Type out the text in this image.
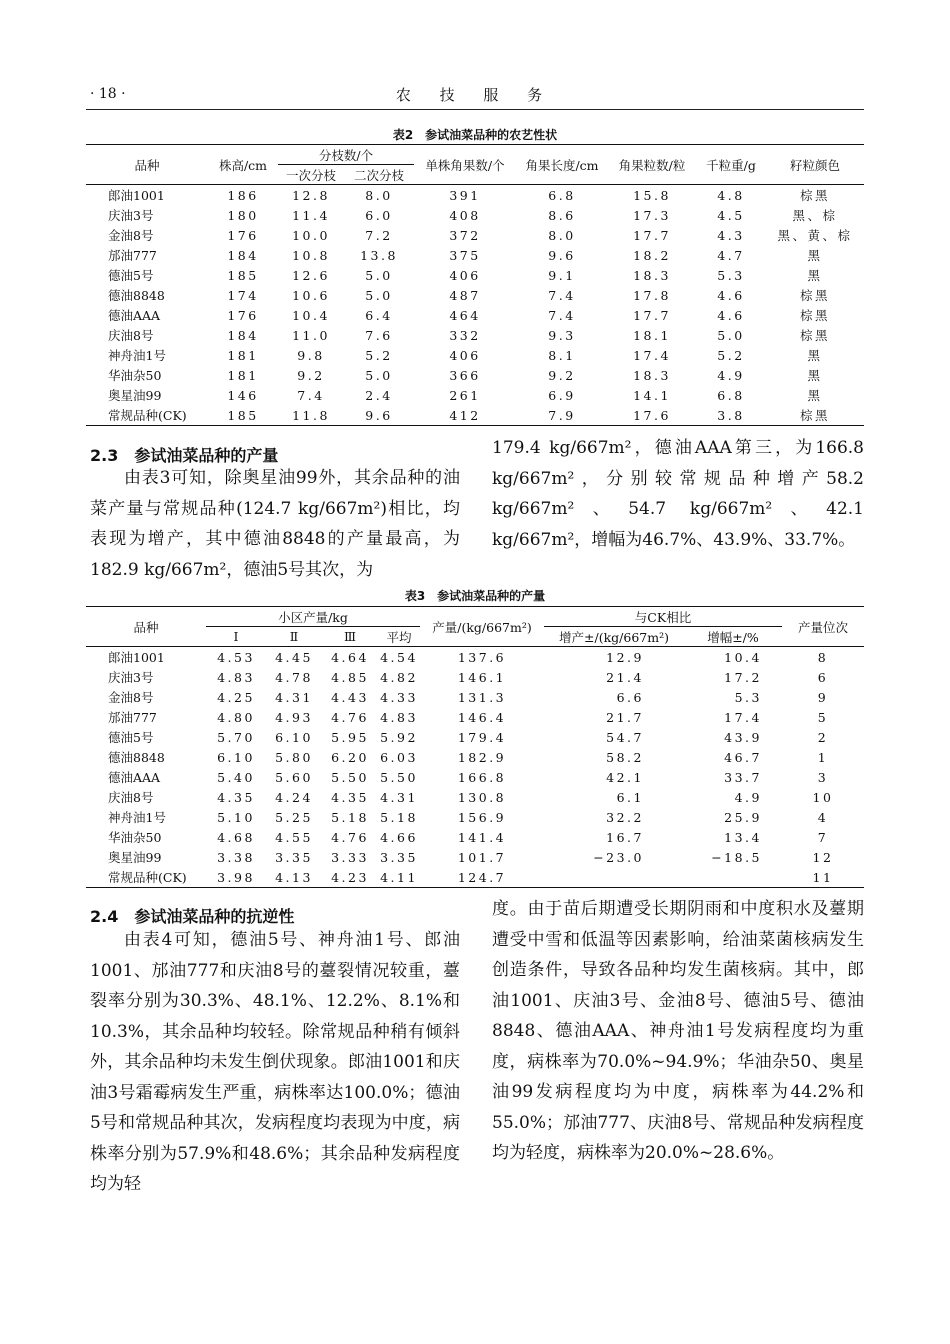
· 18 ·	农 技 服 务
表2　参试油菜品种的农艺性状
品种	株高/cm	分枝数/个		单株角果数/个	角果长度/cm	角果粒数/粒	千粒重/g	籽粒颜色
		一次分枝	二次分枝					
郎油1001	186	12.8	8.0	391	6.8	15.8	4.8	棕黑
庆油3号	180	11.4	6.0	408	8.6	17.3	4.5	黑、棕
金油8号	176	10.0	7.2	372	8.0	17.7	4.3	黑、黄、棕
邡油777	184	10.8	13.8	375	9.6	18.2	4.7	黑
德油5号	185	12.6	5.0	406	9.1	18.3	5.3	黑
德油8848	174	10.6	5.0	487	7.4	17.8	4.6	棕黑
德油AAA	176	10.4	6.4	464	7.4	17.7	4.6	棕黑
庆油8号	184	11.0	7.6	332	9.3	18.1	5.0	棕黑
神舟油1号	181	9.8	5.2	406	8.1	17.4	5.2	黑
华油杂50	181	9.2	5.0	366	9.2	18.3	4.9	黑
奥星油99	146	7.4	2.4	261	6.9	14.1	6.8	黑
常规品种(CK)	185	11.8	9.6	412	7.9	17.6	3.8	棕黑
2.3　参试油菜品种的产量

由表3可知，除奥星油99外，其余品种的油菜产量与常规品种(124.7 kg/667m²)相比，均表现为增产，其中德油8848的产量最高，为182.9 kg/667m²，德油5号其次，为

179.4 kg/667m²，德油AAA第三，为166.8 kg/667m²，分别较常规品种增产58.2 kg/667m²、54.7 kg/667m²、42.1 kg/667m²，增幅为46.7%、43.9%、33.7%。

表3　参试油菜品种的产量
品种	小区产量/kg				产量/(kg/667m²)	与CK相比		产量位次
	Ⅰ	Ⅱ	Ⅲ	平均		增产±/(kg/667m²)	增幅±/%	
郎油1001	4.53	4.45	4.64	4.54	137.6	12.9	10.4	8
庆油3号	4.83	4.78	4.85	4.82	146.1	21.4	17.2	6
金油8号	4.25	4.31	4.43	4.33	131.3	6.6	5.3	9
邡油777	4.80	4.93	4.76	4.83	146.4	21.7	17.4	5
德油5号	5.70	6.10	5.95	5.92	179.4	54.7	43.9	2
德油8848	6.10	5.80	6.20	6.03	182.9	58.2	46.7	1
德油AAA	5.40	5.60	5.50	5.50	166.8	42.1	33.7	3
庆油8号	4.35	4.24	4.35	4.31	130.8	6.1	4.9	10
神舟油1号	5.10	5.25	5.18	5.18	156.9	32.2	25.9	4
华油杂50	4.68	4.55	4.76	4.66	141.4	16.7	13.4	7
奥星油99	3.38	3.35	3.33	3.35	101.7	−23.0	−18.5	12
常规品种(CK)	3.98	4.13	4.23	4.11	124.7			11
2.4　参试油菜品种的抗逆性

由表4可知，德油5号、神舟油1号、郎油1001、邡油777和庆油8号的薹裂情况较重，薹裂率分别为30.3%、48.1%、12.2%、8.1%和10.3%，其余品种均较轻。除常规品种稍有倾斜外，其余品种均未发生倒伏现象。郎油1001和庆油3号霜霉病发生严重，病株率达100.0%；德油5号和常规品种其次，发病程度均表现为中度，病株率分别为57.9%和48.6%；其余品种发病程度均为轻

度。由于苗后期遭受长期阴雨和中度积水及薹期遭受中雪和低温等因素影响，给油菜菌核病发生创造条件，导致各品种均发生菌核病。其中，郎油1001、庆油3号、金油8号、德油5号、德油8848、德油AAA、神舟油1号发病程度均为重度，病株率为70.0%~94.9%；华油杂50、奥星油99发病程度均为中度，病株率为44.2%和55.0%；邡油777、庆油8号、常规品种发病程度均为轻度，病株率为20.0%~28.6%。
